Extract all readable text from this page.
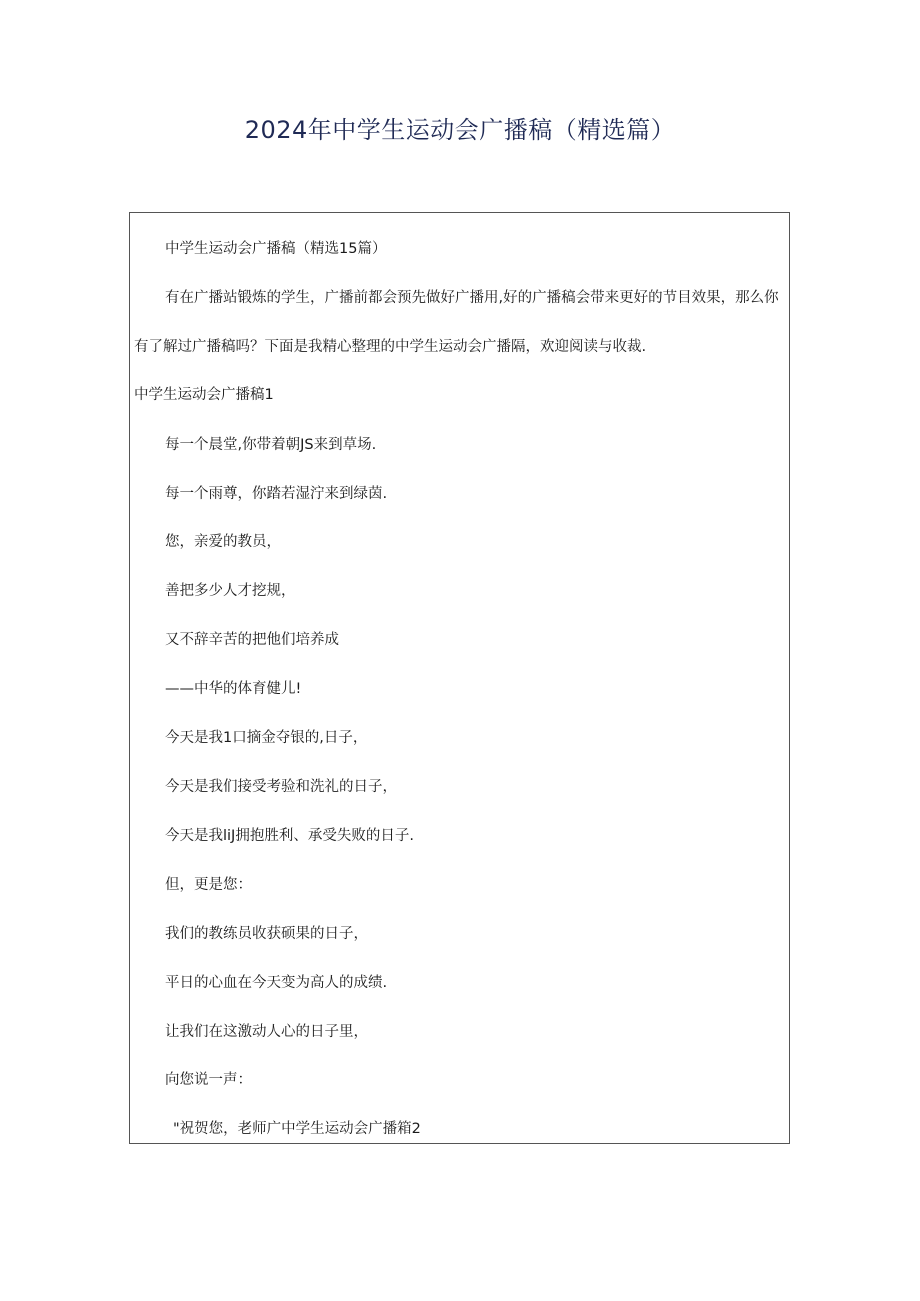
2024年中学生运动会广播稿（精选篇）
中学生运动会广播稿（精选15篇）
有在广播站锻炼的学生，广播前都会预先做好广播用,好的广播稿会带来更好的节目效果，那么你
有了解过广播稿吗？下面是我精心整理的中学生运动会广播隔，欢迎阅读与收裁.
中学生运动会广播稿1
每一个晨堂,你带着朝JS来到草场.
每一个雨尊，你踏若湿泞来到绿茵.
您，亲爱的教员，
善把多少人才挖规，
又不辞辛苦的把他们培养成
——中华的体育健儿!
今天是我1口摘金夺银的,日子，
今天是我们接受考验和洗礼的日子，
今天是我liJ拥抱胜利、承受失败的日子.
但，更是您：
我们的教练员收获硕果的日子，
平日的心血在今天变为高人的成绩.
让我们在这激动人心的日子里，
向您说一声：
"祝贺您，老师广中学生运动会广播箱2
